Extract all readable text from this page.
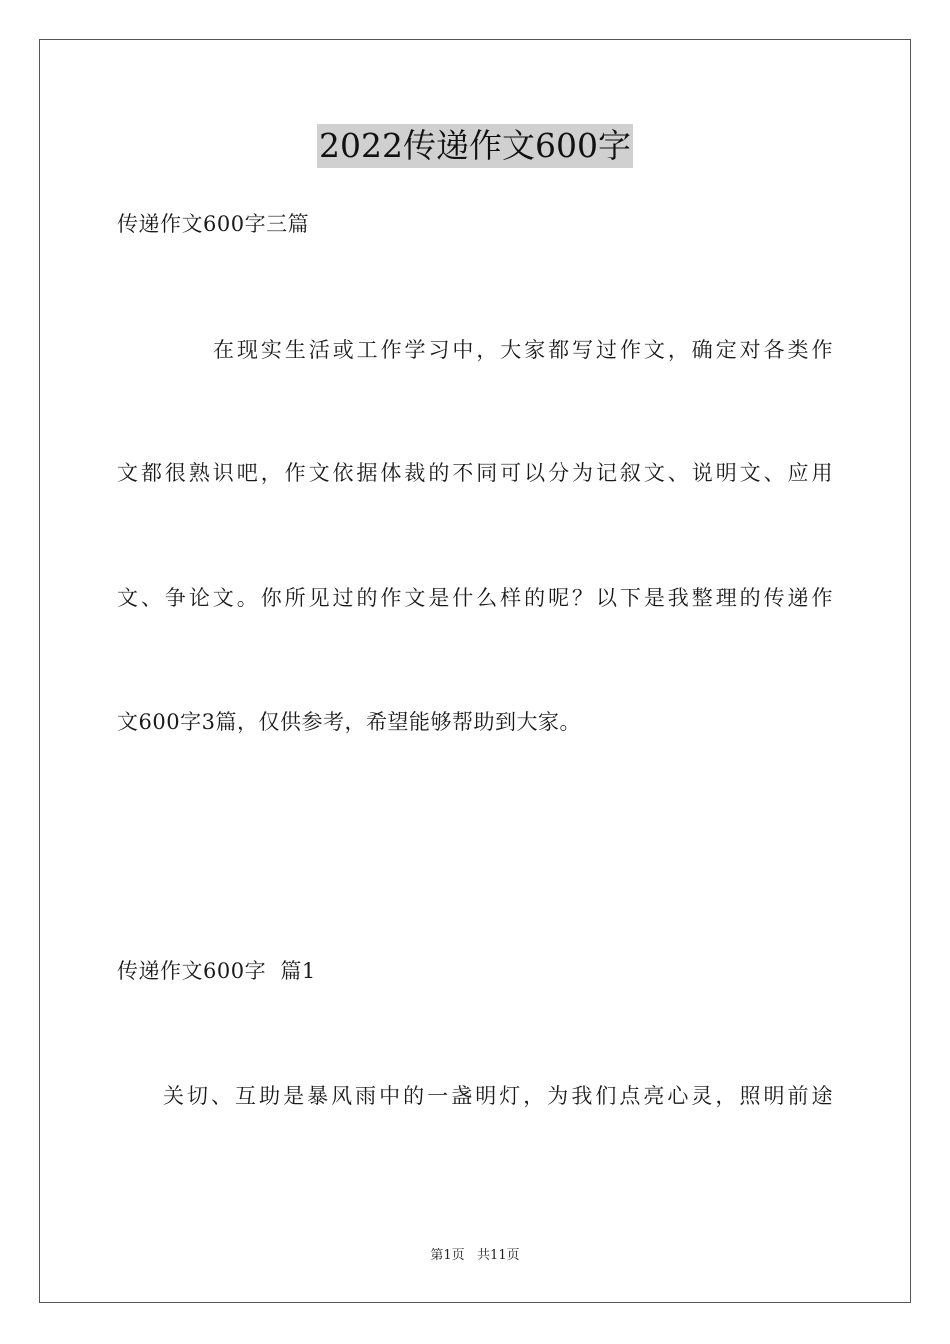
2022传递作文600字
传递作文600字三篇
在现实生活或工作学习中，大家都写过作文，确定对各类作
文都很熟识吧，作文依据体裁的不同可以分为记叙文、说明文、应用
文、争论文。你所见过的作文是什么样的呢？以下是我整理的传递作
文600字3篇，仅供参考，希望能够帮助到大家。
传递作文600字  篇1
关切、互助是暴风雨中的一盏明灯，为我们点亮心灵，照明前途
第1页   共11页
